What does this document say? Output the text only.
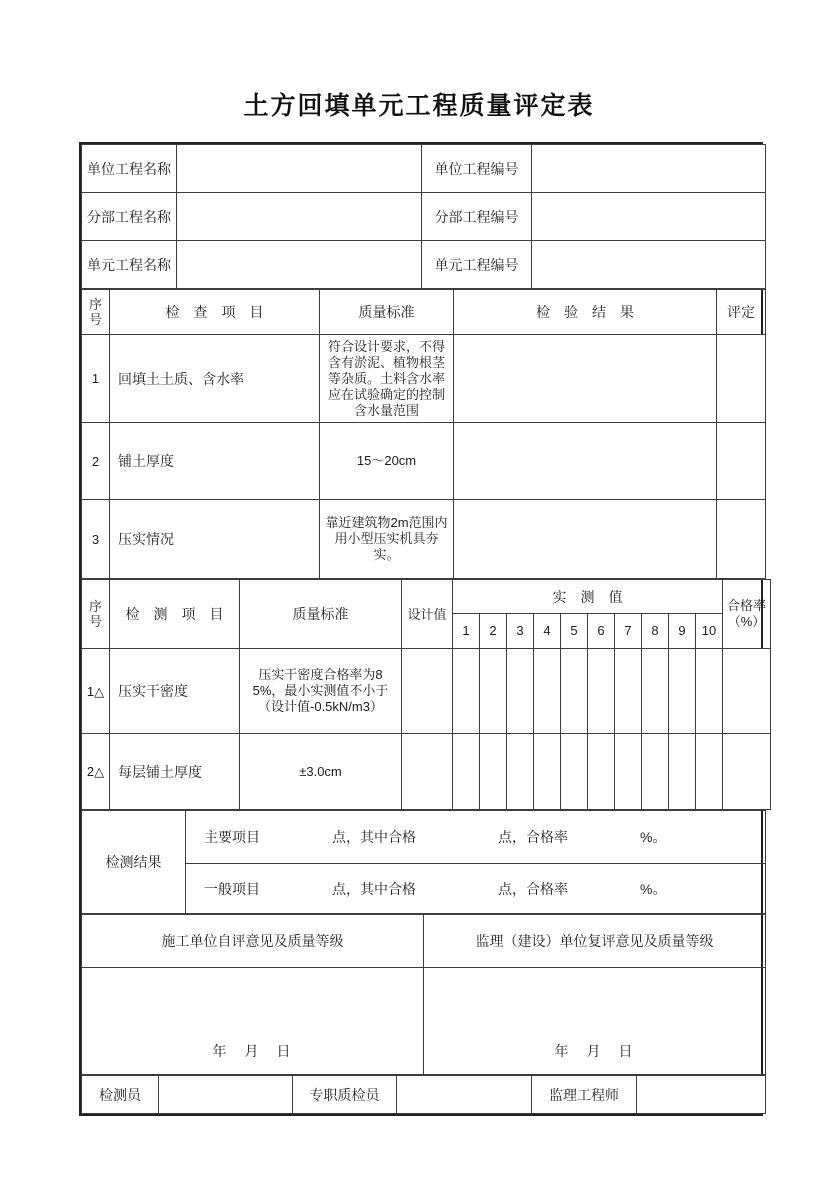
土方回填单元工程质量评定表
单位工程名称		单位工程编号	
分部工程名称		分部工程编号	
单元工程名称		单元工程编号	
序号	检　查　项　目	质量标准	检　验　结　果	评定
1	回填土土质、含水率	符合设计要求，不得含有淤泥、植物根茎等杂质。土料含水率应在试验确定的控制含水量范围		
2	铺土厚度	15～20cm		
3	压实情况	靠近建筑物2m范围内用小型压实机具夯实。		
序号	检　测　项　目	质量标准	设计值	实　测　值										合格率
（%）

				1	2	3	4	5	6	7	8	9	10	
1△	压实干密度	压实干密度合格率为85%，最小实测值不小于（设计值-0.5kN/m3）												
2△	每层铺土厚度	±3.0cm												
检测结果	
主要项目	点，其中合格	点，合格率	%。

一般项目	点，其中合格	点，合格率	%。
施工单位自评意见及质量等级	监理（建设）单位复评意见及质量等级
年　月　日	年　月　日
检测员		专职质检员		监理工程师	
